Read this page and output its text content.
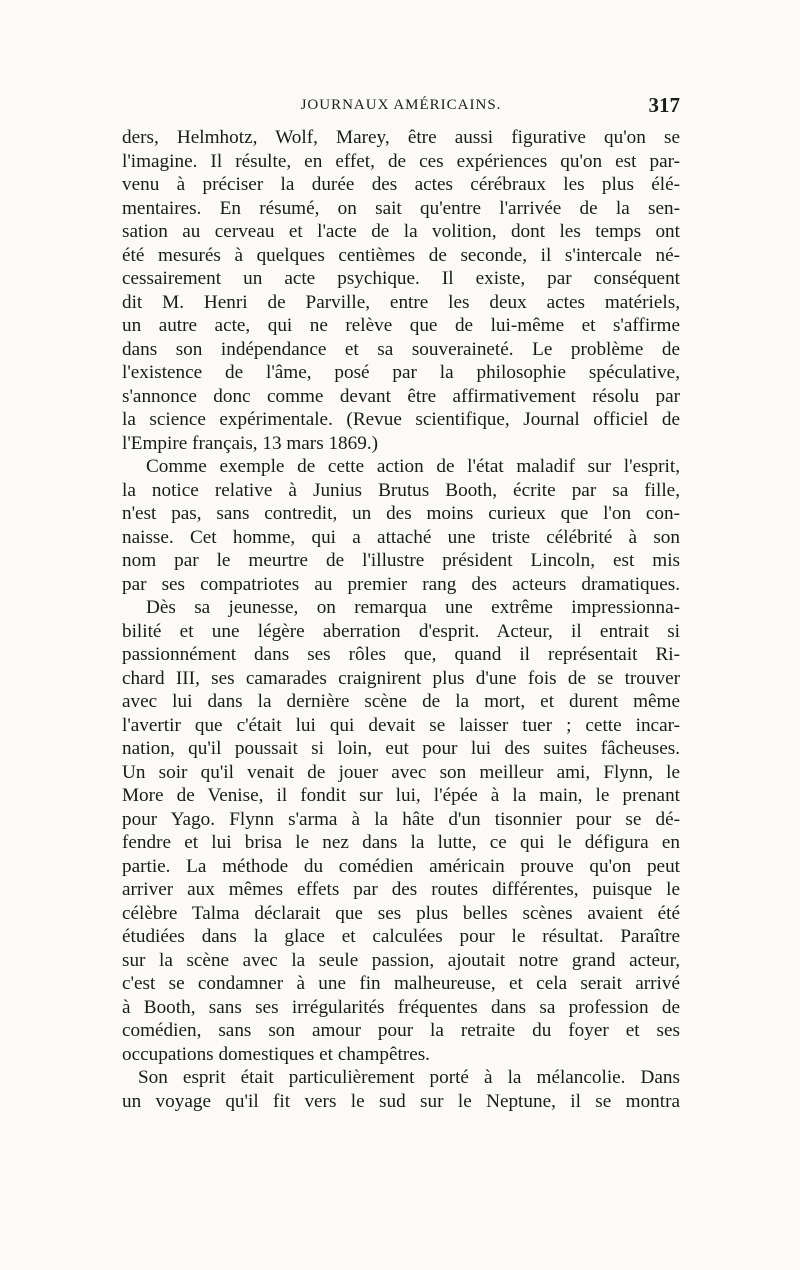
JOURNAUX AMÉRICAINS.	317
ders, Helmhotz, Wolf, Marey, être aussi figurative qu'on se
l'imagine. Il résulte, en effet, de ces expériences qu'on est par-
venu à préciser la durée des actes cérébraux les plus élé-
mentaires. En résumé, on sait qu'entre l'arrivée de la sen-
sation au cerveau et l'acte de la volition, dont les temps ont
été mesurés à quelques centièmes de seconde, il s'intercale né-
cessairement un acte psychique. Il existe, par conséquent
dit M. Henri de Parville, entre les deux actes matériels,
un autre acte, qui ne relève que de lui-même et s'affirme
dans son indépendance et sa souveraineté. Le problème de
l'existence de l'âme, posé par la philosophie spéculative,
s'annonce donc comme devant être affirmativement résolu par
la science expérimentale. (Revue scientifique, Journal officiel de
l'Empire français, 13 mars 1869.)
Comme exemple de cette action de l'état maladif sur l'esprit,
la notice relative à Junius Brutus Booth, écrite par sa fille,
n'est pas, sans contredit, un des moins curieux que l'on con-
naisse. Cet homme, qui a attaché une triste célébrité à son
nom par le meurtre de l'illustre président Lincoln, est mis
par ses compatriotes au premier rang des acteurs dramatiques.
Dès sa jeunesse, on remarqua une extrême impressionna-
bilité et une légère aberration d'esprit. Acteur, il entrait si
passionnément dans ses rôles que, quand il représentait Ri-
chard III, ses camarades craignirent plus d'une fois de se trouver
avec lui dans la dernière scène de la mort, et durent même
l'avertir que c'était lui qui devait se laisser tuer ; cette incar-
nation, qu'il poussait si loin, eut pour lui des suites fâcheuses.
Un soir qu'il venait de jouer avec son meilleur ami, Flynn, le
More de Venise, il fondit sur lui, l'épée à la main, le prenant
pour Yago. Flynn s'arma à la hâte d'un tisonnier pour se dé-
fendre et lui brisa le nez dans la lutte, ce qui le défigura en
partie. La méthode du comédien américain prouve qu'on peut
arriver aux mêmes effets par des routes différentes, puisque le
célèbre Talma déclarait que ses plus belles scènes avaient été
étudiées dans la glace et calculées pour le résultat. Paraître
sur la scène avec la seule passion, ajoutait notre grand acteur,
c'est se condamner à une fin malheureuse, et cela serait arrivé
à Booth, sans ses irrégularités fréquentes dans sa profession de
comédien, sans son amour pour la retraite du foyer et ses
occupations domestiques et champêtres.
Son esprit était particulièrement porté à la mélancolie. Dans
un voyage qu'il fit vers le sud sur le Neptune, il se montra
